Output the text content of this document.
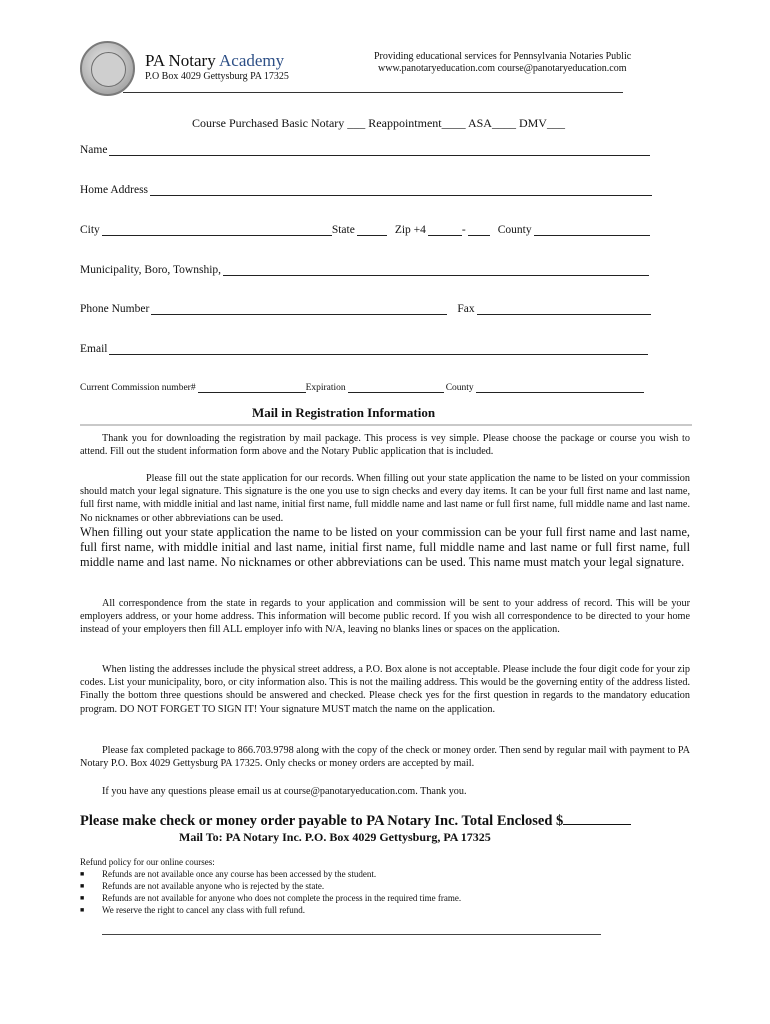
PA Notary Academy
P.O Box 4029 Gettysburg PA 17325
Providing educational services for Pennsylvania Notaries Public
www.panotaryeducation.com course@panotaryeducation.com
Course Purchased Basic Notary ___ Reappointment____ ASA____ DMV___
Name
Home Address
City	State	Zip +4	-	County
Municipality, Boro, Township,
Phone Number	Fax
Email
Current Commission number#	Expiration	County
Mail in Registration Information

Thank you for downloading the registration by mail package. This process is vey simple. Please choose the package or course you wish to attend. Fill out the student information form above and the Notary Public application that is included.

Please fill out the state application for our records. When filling out your state application the name to be listed on your commission should match your legal signature. This signature is the one you use to sign checks and every day items. It can be your full first name and last name, full first name, with middle initial and last name, initial first name, full middle name and last name or full first name, full middle name and last name. No nicknames or other abbreviations can be used.

When filling out your state application the name to be listed on your commission can be your full first name and last name, full first name, with middle initial and last name, initial first name, full middle name and last name or full first name, full middle name and last name. No nicknames or other abbreviations can be used. This name must match your legal signature.

All correspondence from the state in regards to your application and commission will be sent to your address of record. This will be your employers address, or your home address. This information will become public record. If you wish all correspondence to be directed to your home instead of your employers then fill ALL employer info with N/A, leaving no blanks lines or spaces on the application.

When listing the addresses include the physical street address, a P.O. Box alone is not acceptable. Please include the four digit code for your zip codes. List your municipality, boro, or city information also. This is not the mailing address. This would be the governing entity of the address listed. Finally the bottom three questions should be answered and checked. Please check yes for the first question in regards to the mandatory education program. DO NOT FORGET TO SIGN IT! Your signature MUST match the name on the application.

Please fax completed package to 866.703.9798 along with the copy of the check or money order. Then send by regular mail with payment to PA Notary P.O. Box 4029 Gettysburg PA 17325. Only checks or money orders are accepted by mail.

If you have any questions please email us at course@panotaryeducation.com. Thank you.

Please make check or money order payable to PA Notary Inc. Total Enclosed $
Mail To: PA Notary Inc. P.O. Box 4029 Gettysburg, PA 17325
Refund policy for our online courses:
■ Refunds are not available once any course has been accessed by the student.
■ Refunds are not available anyone who is rejected by the state.
■ Refunds are not available for anyone who does not complete the process in the required time frame.
■ We reserve the right to cancel any class with full refund.
